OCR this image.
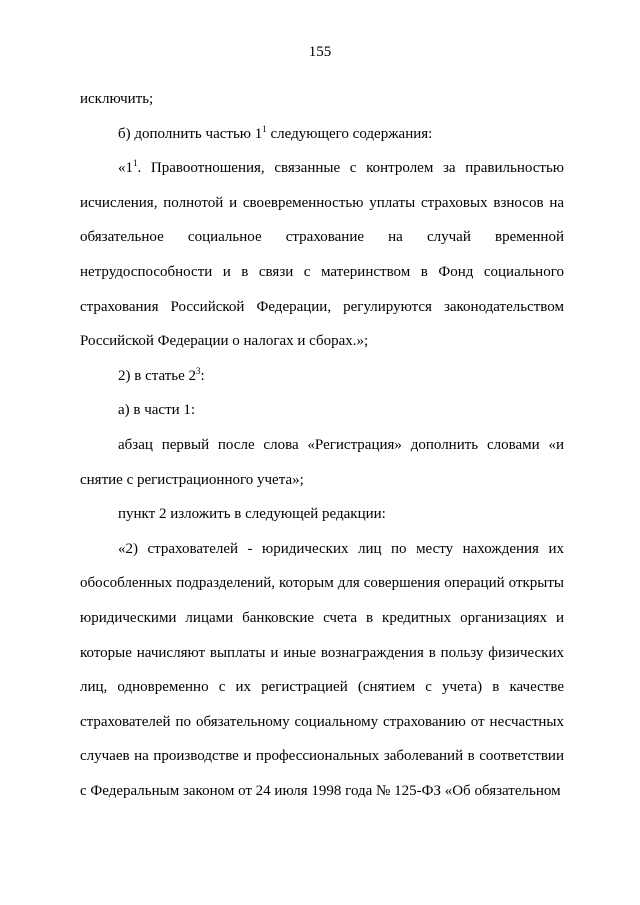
155

исключить;

б) дополнить частью $1^1$ следующего содержания:

«$1^1$. Правоотношения, связанные с контролем за правильностью исчисления, полнотой и своевременностью уплаты страховых взносов на обязательное социальное страхование на случай временной нетрудоспособности и в связи с материнством в Фонд социального страхования Российской Федерации, регулируются законодательством Российской Федерации о налогах и сборах.»;

2) в статье $2^3$:

а) в части 1:

абзац первый после слова «Регистрация» дополнить словами «и снятие с регистрационного учета»;

пункт 2 изложить в следующей редакции:

«2) страхователей - юридических лиц по месту нахождения их обособленных подразделений, которым для совершения операций открыты юридическими лицами банковские счета в кредитных организациях и которые начисляют выплаты и иные вознаграждения в пользу физических лиц, одновременно с их регистрацией (снятием с учета) в качестве страхователей по обязательному социальному страхованию от несчастных случаев на производстве и профессиональных заболеваний в соответствии с Федеральным законом от 24 июля 1998 года № 125-ФЗ «Об обязательном
